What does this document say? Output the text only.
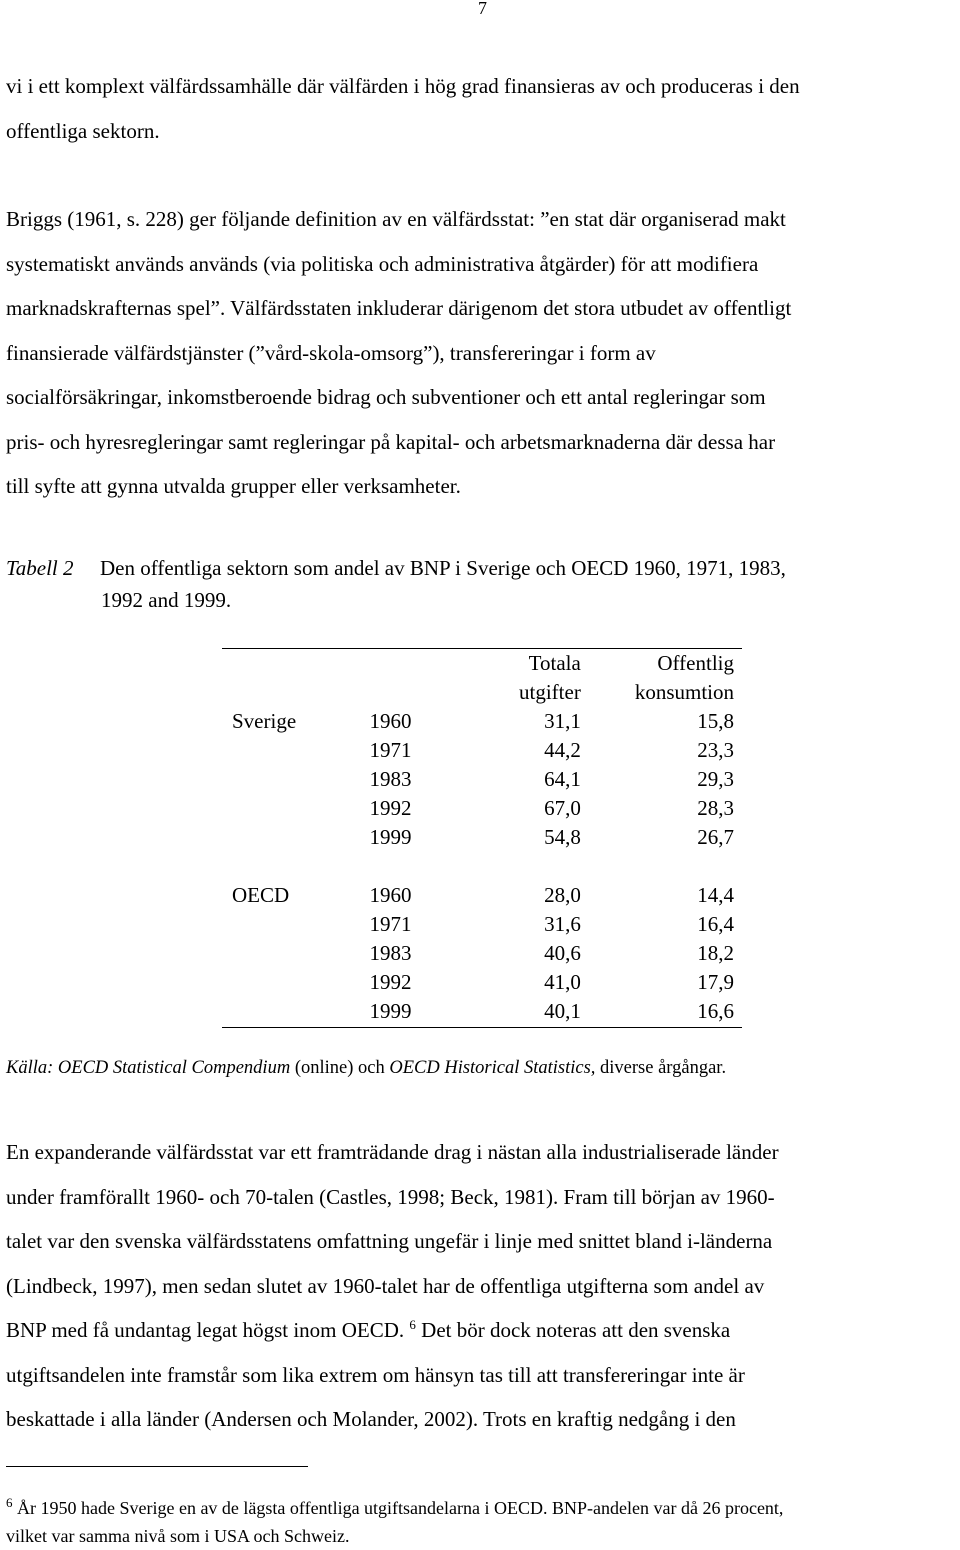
7
vi i ett komplext välfärdssamhälle där välfärden i hög grad finansieras av och produceras i den
offentliga sektorn.
Briggs (1961, s. 228) ger följande definition av en välfärdsstat: ”en stat där organiserad makt
systematiskt används används (via politiska och administrativa åtgärder) för att modifiera
marknadskrafternas spel”. Välfärdsstaten inkluderar därigenom det stora utbudet av offentligt
finansierade välfärdstjänster (”vård-skola-omsorg”), transfereringar i form av
socialförsäkringar, inkomstberoende bidrag och subventioner och ett antal regleringar som
pris- och hyresregleringar samt regleringar på kapital- och arbetsmarknaderna där dessa har
till syfte att gynna utvalda grupper eller verksamheter.
Tabell 2 Den offentliga sektorn som andel av BNP i Sverige och OECD 1960, 1971, 1983,
1992 and 1999.
		Totala	Offentlig
		utgifter	konsumtion
Sverige	1960	31,1	15,8
	1971	44,2	23,3
	1983	64,1	29,3
	1992	67,0	28,3
	1999	54,8	26,7

OECD	1960	28,0	14,4
	1971	31,6	16,4
	1983	40,6	18,2
	1992	41,0	17,9
	1999	40,1	16,6
Källa: OECD Statistical Compendium (online) och OECD Historical Statistics, diverse årgångar.
En expanderande välfärdsstat var ett framträdande drag i nästan alla industrialiserade länder
under framförallt 1960- och 70-talen (Castles, 1998; Beck, 1981). Fram till början av 1960-
talet var den svenska välfärdsstatens omfattning ungefär i linje med snittet bland i-länderna
(Lindbeck, 1997), men sedan slutet av 1960-talet har de offentliga utgifterna som andel av
BNP med få undantag legat högst inom OECD. $^6$ Det bör dock noteras att den svenska
utgiftsandelen inte framstår som lika extrem om hänsyn tas till att transfereringar inte är
beskattade i alla länder (Andersen och Molander, 2002). Trots en kraftig nedgång i den
$^6$ År 1950 hade Sverige en av de lägsta offentliga utgiftsandelarna i OECD. BNP-andelen var då 26 procent,
vilket var samma nivå som i USA och Schweiz.
